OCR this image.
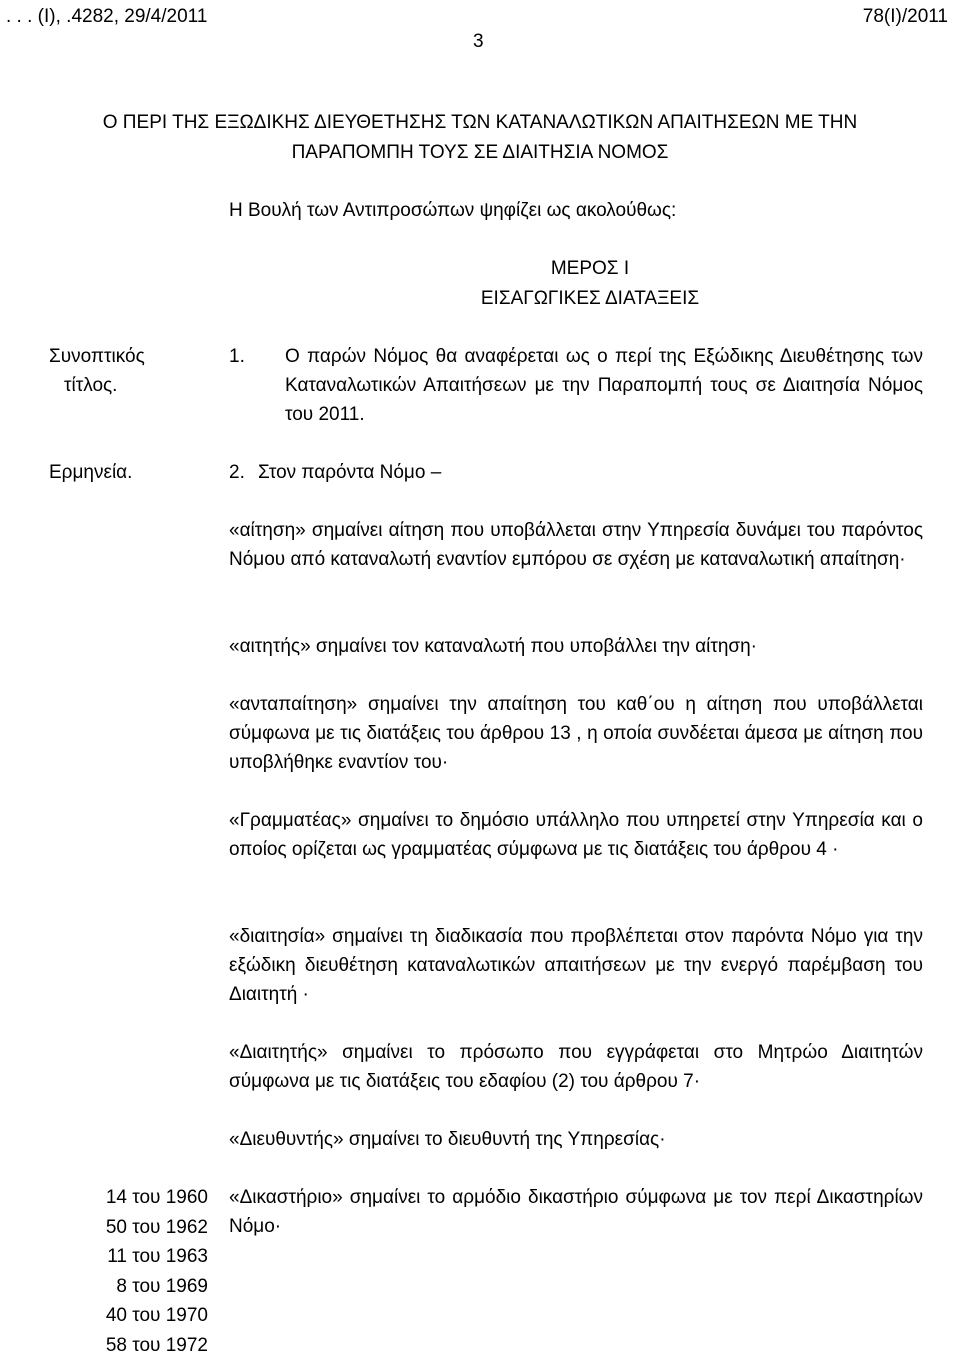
. . . (Ι), .4282, 29/4/2011	78(Ι)/2011
3
Ο ΠΕΡΙ ΤΗΣ ΕΞΩΔΙΚΗΣ ΔΙΕΥΘΕΤΗΣΗΣ ΤΩΝ ΚΑΤΑΝΑΛΩΤΙΚΩΝ ΑΠΑΙΤΗΣΕΩΝ ΜΕ ΤΗΝ
ΠΑΡΑΠΟΜΠΗ ΤΟΥΣ ΣΕ ΔΙΑΙΤΗΣΙΑ ΝΟΜΟΣ
Η Βουλή των Αντιπροσώπων ψηφίζει ως ακολούθως:
ΜΕΡΟΣ Ι
ΕΙΣΑΓΩΓΙΚΕΣ ΔΙΑΤΑΞΕΙΣ
Συνοπτικός
τίτλος.
1. Ο παρών Νόμος θα αναφέρεται ως ο περί της Εξώδικης Διευθέτησης των Καταναλωτικών Απαιτήσεων με την Παραπομπή τους σε Διαιτησία Νόμος του 2011.
Ερμηνεία.	2. Στον παρόντα Νόμο –
«αίτηση» σημαίνει αίτηση που υποβάλλεται στην Υπηρεσία δυνάμει του παρόντος Νόμου από καταναλωτή εναντίον εμπόρου σε σχέση με καταναλωτική απαίτηση·
«αιτητής» σημαίνει τον καταναλωτή που υποβάλλει την αίτηση·
«ανταπαίτηση» σημαίνει την απαίτηση του καθ΄ου η αίτηση που υποβάλλεται σύμφωνα με τις διατάξεις του άρθρου 13 , η οποία συνδέεται άμεσα με αίτηση που υποβλήθηκε εναντίον του·
«Γραμματέας» σημαίνει το δημόσιο υπάλληλο που υπηρετεί στην Υπηρεσία και ο οποίος ορίζεται ως γραμματέας σύμφωνα με τις διατάξεις του άρθρου 4 ·
«διαιτησία» σημαίνει τη διαδικασία που προβλέπεται στον παρόντα Νόμο για την εξώδικη διευθέτηση καταναλωτικών απαιτήσεων με την ενεργό παρέμβαση του Διαιτητή ·
«Διαιτητής» σημαίνει το πρόσωπο που εγγράφεται στο Μητρώο Διαιτητών σύμφωνα με τις διατάξεις του εδαφίου (2) του άρθρου 7·
«Διευθυντής» σημαίνει το διευθυντή της Υπηρεσίας·
«Δικαστήριο» σημαίνει το αρμόδιο δικαστήριο σύμφωνα με τον περί Δικαστηρίων Νόμο·
14 του 1960
50 του 1962
11 του 1963
8 του 1969
40 του 1970
58 του 1972
